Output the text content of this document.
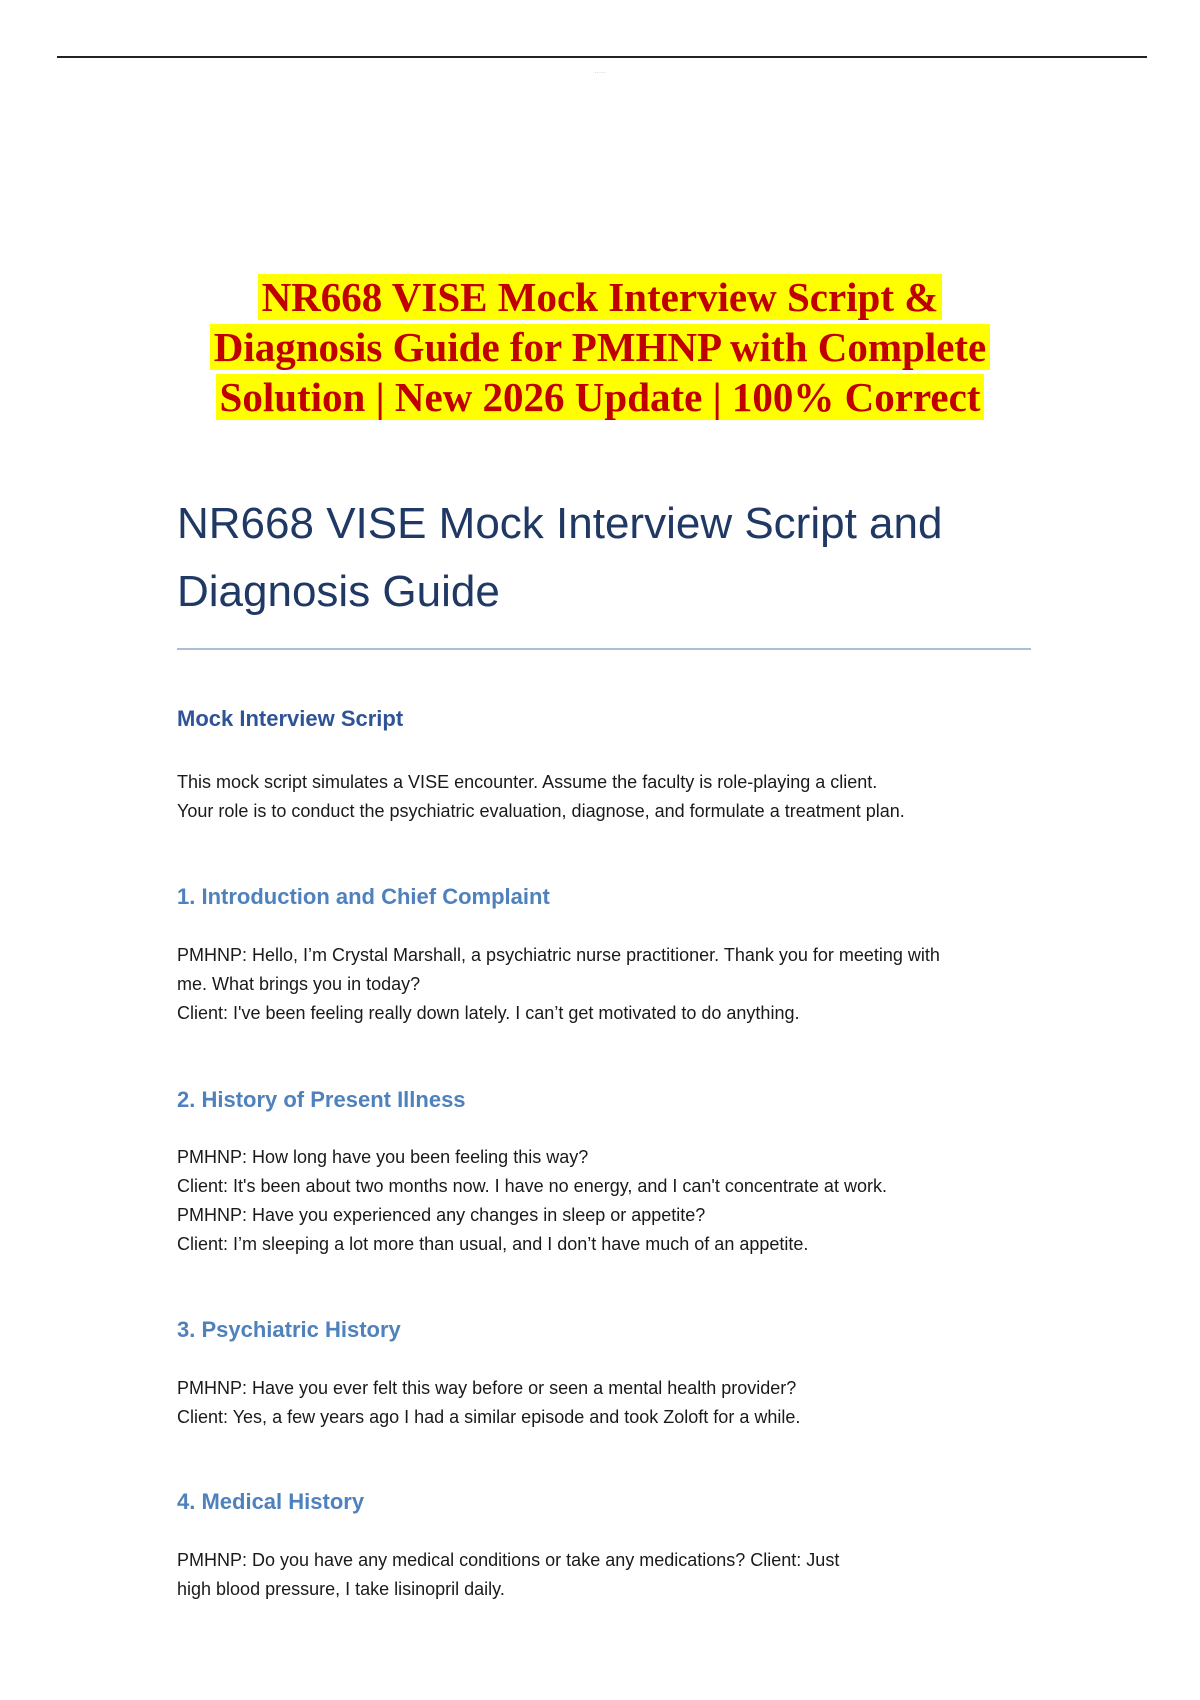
- - - - -
NR668 VISE Mock Interview Script &
Diagnosis Guide for PMHNP with Complete
Solution | New 2026 Update | 100% Correct
NR668 VISE Mock Interview Script and
Diagnosis Guide
Mock Interview Script
This mock script simulates a VISE encounter. Assume the faculty is role-playing a client.
Your role is to conduct the psychiatric evaluation, diagnose, and formulate a treatment plan.
1. Introduction and Chief Complaint
PMHNP: Hello, I’m Crystal Marshall, a psychiatric nurse practitioner. Thank you for meeting with
me. What brings you in today?
Client: I've been feeling really down lately. I can’t get motivated to do anything.
2. History of Present Illness
PMHNP: How long have you been feeling this way?
Client: It's been about two months now. I have no energy, and I can't concentrate at work.
PMHNP: Have you experienced any changes in sleep or appetite?
Client: I’m sleeping a lot more than usual, and I don’t have much of an appetite.
3. Psychiatric History
PMHNP: Have you ever felt this way before or seen a mental health provider?
Client: Yes, a few years ago I had a similar episode and took Zoloft for a while.
4. Medical History
PMHNP: Do you have any medical conditions or take any medications? Client: Just
high blood pressure, I take lisinopril daily.
